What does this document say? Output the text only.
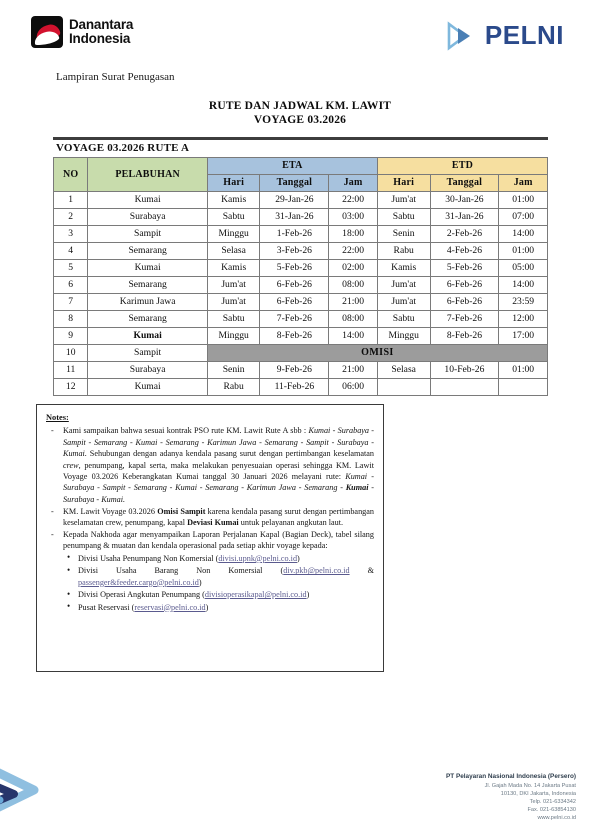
Danantara
Indonesia	PELNI
Lampiran Surat Penugasan
RUTE DAN JADWAL KM. LAWIT
VOYAGE 03.2026
VOYAGE 03.2026 RUTE A
NO	PELABUHAN	ETA			ETD		
		Hari	Tanggal	Jam	Hari	Tanggal	Jam
1	Kumai	Kamis	29-Jan-26	22:00	Jum'at	30-Jan-26	01:00
2	Surabaya	Sabtu	31-Jan-26	03:00	Sabtu	31-Jan-26	07:00
3	Sampit	Minggu	1-Feb-26	18:00	Senin	2-Feb-26	14:00
4	Semarang	Selasa	3-Feb-26	22:00	Rabu	4-Feb-26	01:00
5	Kumai	Kamis	5-Feb-26	02:00	Kamis	5-Feb-26	05:00
6	Semarang	Jum'at	6-Feb-26	08:00	Jum'at	6-Feb-26	14:00
7	Karimun Jawa	Jum'at	6-Feb-26	21:00	Jum'at	6-Feb-26	23:59
8	Semarang	Sabtu	7-Feb-26	08:00	Sabtu	7-Feb-26	12:00
9	Kumai	Minggu	8-Feb-26	14:00	Minggu	8-Feb-26	17:00
10	Sampit	OMISI					
11	Surabaya	Senin	9-Feb-26	21:00	Selasa	10-Feb-26	01:00
12	Kumai	Rabu	11-Feb-26	06:00			
Notes:
- Kami sampaikan bahwa sesuai kontrak PSO rute KM. Lawit Rute A sbb : Kumai - Surabaya - Sampit - Semarang - Kumai - Semarang - Karimun Jawa - Semarang - Sampit - Surabaya - Kumai. Sehubungan dengan adanya kendala pasang surut dengan pertimbangan keselamatan crew, penumpang, kapal serta, maka melakukan penyesuaian operasi sehingga KM. Lawit Voyage 03.2026 Keberangkatan Kumai tanggal 30 Januari 2026 melayani rute: Kumai - Surabaya - Sampit - Semarang - Kumai - Semarang - Karimun Jawa - Semarang - Kumai - Surabaya - Kumai.
- KM. Lawit Voyage 03.2026 Omisi Sampit karena kendala pasang surut dengan pertimbangan keselamatan crew, penumpang, kapal Deviasi Kumai untuk pelayanan angkutan laut.
- Kepada Nakhoda agar menyampaikan Laporan Perjalanan Kapal (Bagian Deck), tabel silang penumpang & muatan dan kendala operasional pada setiap akhir voyage kepada:
• Divisi Usaha Penumpang Non Komersial (divisi.upnk@pelni.co.id)
• Divisi Usaha Barang Non Komersial (div.pkb@pelni.co.id & passenger&feeder.cargo@pelni.co.id)
• Divisi Operasi Angkutan Penumpang (divisioperasikapal@pelni.co.id)
• Pusat Reservasi (reservasi@pelni.co.id)
PT Pelayaran Nasional Indonesia (Persero)
Jl. Gajah Mada No. 14 Jakarta Pusat
10130, DKI Jakarta, Indonesia
Telp. 021-6334342
Fax. 021-63854130
www.pelni.co.id
